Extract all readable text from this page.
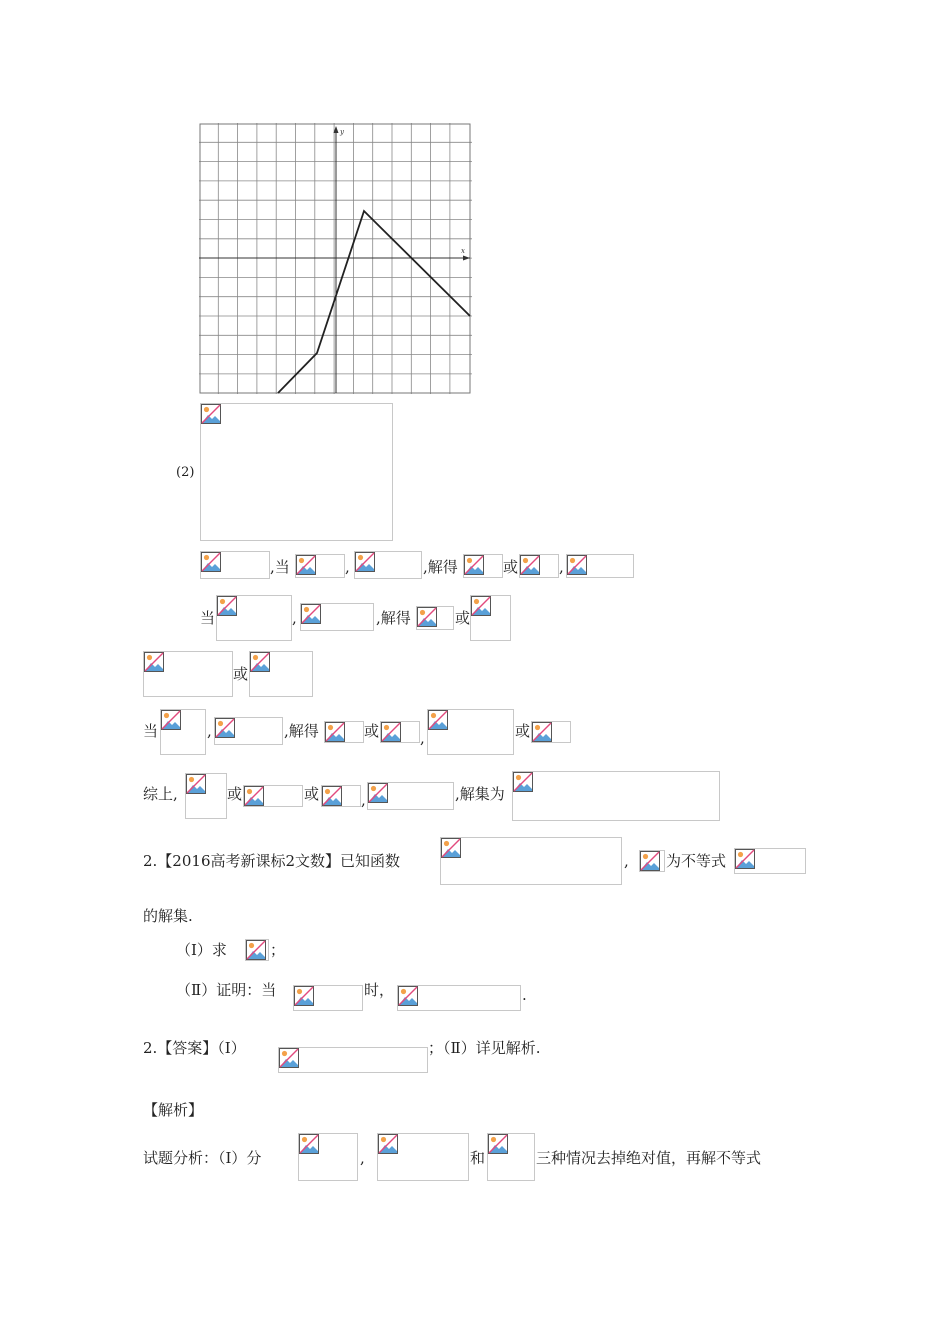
x
y
(2)
,当	,	,解得	或	,
当	,	,解得	或
或
当	,	,解得	或	,	或
综上,	或	或	,	,解集为
2.【2016高考新课标2文数】已知函数	, 为不等式
的解集.
（Ⅰ）求	；
（Ⅱ）证明：当	时，	.
2.【答案】（Ⅰ）	；（Ⅱ）详见解析.
【解析】
试题分析：（Ⅰ）分	,	和	三种情况去掉绝对值，再解不等式
